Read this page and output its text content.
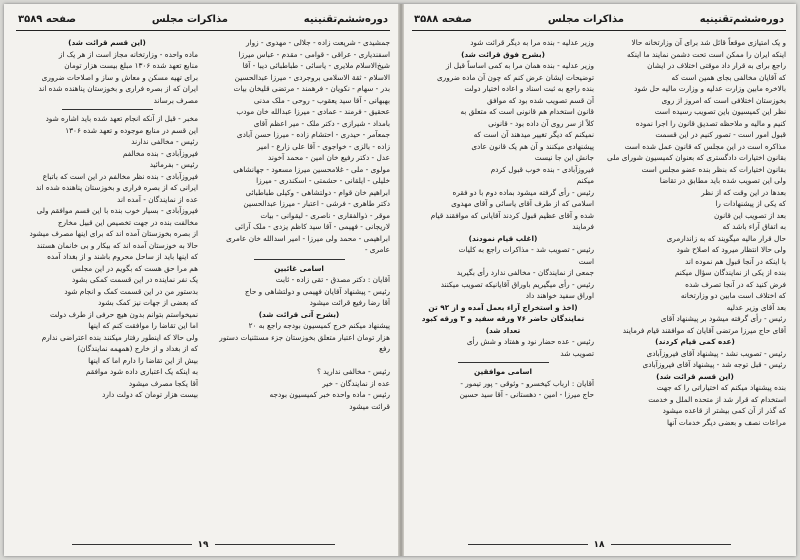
دوره‌ششم‌تقنینیه
مذاکرات مجلس
صفحه ۳۵۸۹
جمشیدی - شریعت زاده - جلالی - مهدوی - زوار
اسفندیاری - عراقی - قوامی - مقدم - عباس میرزا
شیخ‌الاسلام ملایری - یاسائی - طباطبائی دیبا - آقا
الاسلام - ثقة الاسلامی بروجردی - میرزا عبدالحسین
بدر - سهام - نکویان - فرهمند - مرتضی قلیخان بیات
بهبهانی - آقا سید یعقوب - روحی - ملک مدنی
عحقیق - فرمند - عمادی - میرزا عبدالله خان مودب
بامداد - شیرازی - دکتر ملک - میر اعظم آقای
جمعآمر - حیدری - احتشام زاده - میرزا حسن آبادی
زاده - بالزی - خواجوی - آقا علی زارع - امیر
عدل - دکتر رفیع خان امین - محمد آخوند
مولوی - ملی - غلامحسین میرزا مسعود - جهانشاهی
خلیلی - ایلقانی - حشمتی - اسکندری - میرزا
ابراهیم خان قوام - دولتشاهی - وکیلی طباطبائی
دکتر طاهری - فرشی - اعتبار - میرزا عبدالحسین
موقر - ذوالفقاری - ناصری - لیقوانی - بیات
لاریجانی - فهیمی - آقا سید کاظم یزدی - ملک آرائی
ابراهیمی - محمد ولی میرزا - امیر اسدالله خان عامری
عامری -
اسامی غائبین
آقایان : دکتر مصدق - تقی زاده - ثابت
رئیس - پیشنهاد آقایان فهیمی و دولتشاهی و حاج
آقا رضا رفیع قرائت میشود
(بشرح آتی قرائت شد)
پیشنهاد میکنم خرج کمیسیون بودجه راجع به ۲۰
هزار تومان اعتبار متعلق بخوزستان جزء مستثنیات دستور
رفع
رئیس - مخالفی ندارید ؟
عده از نمایندگان - خیر
رئیس - ماده واحده خبر کمیسیون بودجه
قرائت میشود
(این قسم قرائت شد)
ماده واحده - وزارتخانه مجاز است از هر یک از
منابع تعهد شده ۱۳۰۶ مبلغ بیست هزار تومان
برای تهیه مسکن و معاش و ساز و اصلاحات ضروری
ایران که از بصره فراری و بخوزستان پناهنده شده اند
مصرف برساند
مخبر - قبل از آنکه انجام تعهد شده باید اشاره شود
این قسم در منابع موجوده و تعهد شده ۱۳۰۶
رئیس - مخالفی ندارند
فیروزآبادی - بنده مخالفم
رئیس - بفرمائید
فیروزآبادی - بنده نظر مخالفم در این است که باتباع
ایرانی که از بصره فراری و بخوزستان پناهنده شده اند
عده از نمایندگان - آمده اند
فیروزآبادی - بسیار خوب بنده با این قسم موافقم ولی
مخالفت بنده در جهت تخصیص این قبیل مخارج
از بصره بخوزستان آمده اند که برای اینها مصرف میشود
حالا به خوزستان آمده اند که بیکار و بی خانمان هستند
که اینها باید از ساحل محروم باشند و از بغداد آمده
هم مرا حق هست که بگویم در این مجلس
یک نفر نماینده در این قسمت کمکی بشود
بدستور من در این قسمت کمک و انجام شود
که بعضی از جهات نیز کمک بشود
نمیخواستم بتوانم بدون هیچ حرفی از طرف دولت
اما این تقاضا را موافقت کنم که اینها
ولی حالا که اینطور رفتار میکنند بنده اعتراضی ندارم
که از بغداد و از خارج (همهمه نمایندگان)
بیش از این تقاضا را دارم اما که اینها
به اینکه یک اعتباری داده شود موافقم
آقا یکجا مصرف میشود
بیست هزار تومان که دولت دارد
۱۹
دوره‌ششم‌تقنینیه
مذاکرات مجلس
صفحه ۳۵۸۸
و یک امتیازی موقعاً قائل شد برای آن وزارتخانه حالا
اینکه ایران را ممکن است تحت دشمن نمایند ما اینکه
راجع برای به قرار داد موقتی اختلاف در ایشان
که آقایان مخالفی بجای همین است که
بالاخره مابین وزارت عدلیه و وزارت مالیه حل شود
بخوزستان اختلافی است که امروز از روی
نظر این کمیسیون باین تصویب رسیده است
کنیم و مالیه و ملاحظه تصدیق قانون را اجرا نموده
قبول امور است - تصور کنیم در این قسمت
مذاکره است در این مجلس که قانون عمل شده است
بقانون اختیارات دادگستری که بعنوان کمیسیون شورای ملی
بقانون اختیارات که بنظر بنده عضو مجلس است
ولی این تصویب شده باید مطابق در تقاضا
بعدها در این وقت که از نظر
که یکی از پیشنهادات را
بعد از تصویب این قانون
به اتفاق آراء باشد که
حال قرار مالیه میگویند که به زاندارمری
ولی حالا انتظار میرود که اصلاح شود
با اینکه در آنجا قبول هم نموده اند
بنده از یکی از نمایندگان سؤال میکنم
فرض کنید که در آنجا تصرف شده
که اختلاف است مابین دو وزارتخانه
بعد آقای وزیر عدلیه
رئیس - رأی گرفته میشود بر پیشنهاد آقای
آقای حاج میرزا مرتضی آقایان که موافقند قیام فرمایند
(عده کمی قیام کردند)
رئیس - تصویب نشد - پیشنهاد آقای فیروزآبادی
رئیس - قبل توجه شد - پیشنهاد آقای فیروزآبادی
(این قسم قرائت شد)
بنده پیشنهاد میکنم که اختیاراتی را که جهت
استخدام که قرار شد از متحده الملل و خدمت
که گذر از آن کمی بیشتر از قاعده میشود
مراعات نصف و بعضی دیگر خدمات آنها
وزیر عدلیه - بنده مرا به دیگر قرائت شود
(بشرح فوق قرائت شد)
وزیر عدلیه - بنده همان مرا به کمی اساساً قبل از
توضیحات ایشان عرض کنم که چون آن ماده ضروری
بنده راجع به ثبت اسناد و اعاده اختیار دولت
آن قسم تصویب شده بود که موافق
قانون استخدام هم قانونی است که متعلق به
کلاً از سر روی آن داده بود - قانونی
نمیکنم که دیگر تغییر میدهند آن است که
پیشنهادی میکنند و آن هم یک قانون عادی
جانش این جا نیست
فیروزآبادی - بنده خوب قبول کردم
میکنم
رئیس - رأی گرفته میشود بماده دوم با دو فقره
اسلامی که از طرف آقای یاسائی و آقای مهدوی
شده و آقای عظیم قبول کردند آقایانی که موافقند قیام
فرمایند
(اغلب قیام نمودند)
رئیس - تصویب شد - مذاکرات راجع به کلیات
است
جمعی از نمایندگان - مخالفی ندارد رأی بگیرید
رئیس - رأی میگیریم باوراق آقایانیکه تصویب میکنند
اوراق سفید خواهند داد
(اخذ و استخراج آراء بعمل آمده و از ۹۲ تن
نمایندگان حاضر ۷۶ ورقه سفید و ۳ ورقه کبود
تعداد شد)
رئیس - عده حضار نود و هفتاد و شش رأی
تصویب شد
اسامی موافقین
آقایان : ارباب کیخسرو - وثوقی - پور تیمور -
حاج میرزا - امین - دهستانی - آقا سید حسین
۱۸
